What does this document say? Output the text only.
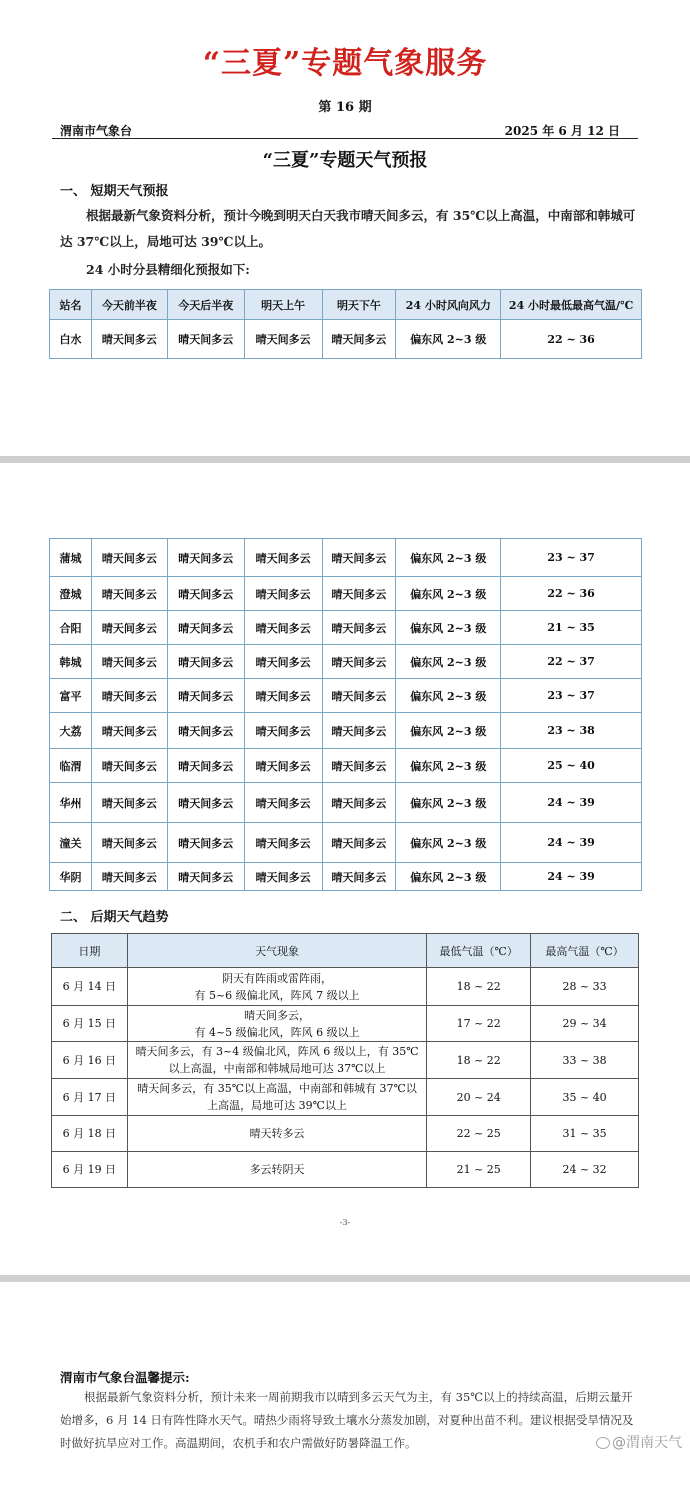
“三夏”专题气象服务
第 16 期
渭南市气象台	2025 年 6 月 12 日
“三夏”专题天气预报
一、 短期天气预报
根据最新气象资料分析，预计今晚到明天白天我市晴天间多云，有 35℃以上高温，中南部和韩城可达 37℃以上，局地可达 39℃以上。
24 小时分县精细化预报如下:
站名	今天前半夜	今天后半夜	明天上午	明天下午	24 小时风向风力	24 小时最低最高气温/℃
白水	晴天间多云	晴天间多云	晴天间多云	晴天间多云	偏东风 2~3 级	22 ~ 36
蒲城	晴天间多云	晴天间多云	晴天间多云	晴天间多云	偏东风 2~3 级	23 ~ 37
澄城	晴天间多云	晴天间多云	晴天间多云	晴天间多云	偏东风 2~3 级	22 ~ 36
合阳	晴天间多云	晴天间多云	晴天间多云	晴天间多云	偏东风 2~3 级	21 ~ 35
韩城	晴天间多云	晴天间多云	晴天间多云	晴天间多云	偏东风 2~3 级	22 ~ 37
富平	晴天间多云	晴天间多云	晴天间多云	晴天间多云	偏东风 2~3 级	23 ~ 37
大荔	晴天间多云	晴天间多云	晴天间多云	晴天间多云	偏东风 2~3 级	23 ~ 38
临渭	晴天间多云	晴天间多云	晴天间多云	晴天间多云	偏东风 2~3 级	25 ~ 40
华州	晴天间多云	晴天间多云	晴天间多云	晴天间多云	偏东风 2~3 级	24 ~ 39
潼关	晴天间多云	晴天间多云	晴天间多云	晴天间多云	偏东风 2~3 级	24 ~ 39
华阴	晴天间多云	晴天间多云	晴天间多云	晴天间多云	偏东风 2~3 级	24 ~ 39
二、 后期天气趋势
日期	天气现象	最低气温（℃）	最高气温（℃）
6 月 14 日	阴天有阵雨或雷阵雨，
有 5~6 级偏北风，阵风 7 级以上	18 ~ 22	28 ~ 33
6 月 15 日	晴天间多云，
有 4~5 级偏北风，阵风 6 级以上	17 ~ 22	29 ~ 34
6 月 16 日	晴天间多云，有 3~4 级偏北风，阵风 6 级以上，有 35℃以上高温，中南部和韩城局地可达 37℃以上	18 ~ 22	33 ~ 38
6 月 17 日	晴天间多云，有 35℃以上高温，中南部和韩城有 37℃以上高温，局地可达 39℃以上	20 ~ 24	35 ~ 40
6 月 18 日	晴天转多云	22 ~ 25	31 ~ 35
6 月 19 日	多云转阴天	21 ~ 25	24 ~ 32
-3-
渭南市气象台温馨提示:
根据最新气象资料分析，预计未来一周前期我市以晴到多云天气为主，有 35℃以上的持续高温，后期云量开始增多，6 月 14 日有阵性降水天气。晴热少雨将导致土壤水分蒸发加剧，对夏种出苗不利。建议根据受旱情况及时做好抗旱应对工作。高温期间，农机手和农户需做好防暑降温工作。	@渭南天气
